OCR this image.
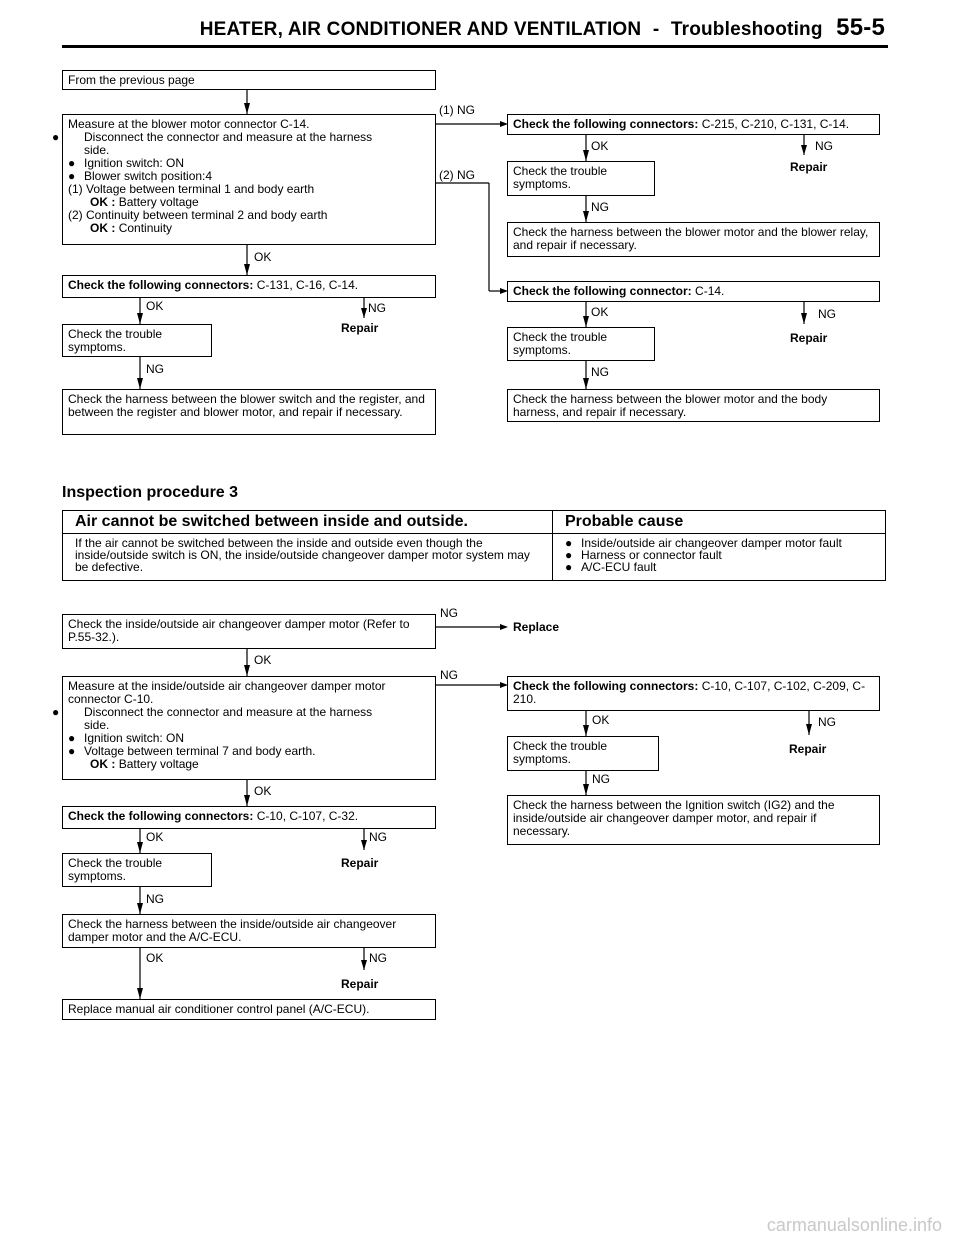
HEATER, AIR CONDITIONER AND VENTILATION - Troubleshooting 55-5
From the previous page
Measure at the blower motor connector C-14.
● Disconnect the connector and measure at the harness
side.
● Ignition switch: ON
● Blower switch position:4
(1) Voltage between terminal 1 and body earth
OK : Battery voltage
(2) Continuity between terminal 2 and body earth
OK : Continuity
(1) NG
(2) NG
Check the following connectors: C-215, C-210, C-131, C-14.
OK	NG
Repair
Check the trouble
symptoms.
NG
Check the harness between the blower motor and the blower relay, and repair if necessary.
Check the following connector: C-14.
OK	NG
Repair
Check the trouble
symptoms.
NG
Check the harness between the blower motor and the body harness, and repair if necessary.
OK
Check the following connectors: C-131, C-16, C-14.
OK	NG
Repair
Check the trouble
symptoms.
NG
Check the harness between the blower switch and the register, and between the register and blower motor, and repair if necessary.
Inspection procedure 3
Air cannot be switched between inside and outside.	Probable cause
If the air cannot be switched between the inside and outside even though the inside/outside switch is ON, the inside/outside changeover damper motor system may be defective.	● Inside/outside air changeover damper motor fault
● Harness or connector fault
● A/C-ECU fault
Check the inside/outside air changeover damper motor (Refer to P.55-32.).
NG
Replace
OK
Measure at the inside/outside air changeover damper motor connector C-10.
● Disconnect the connector and measure at the harness
side.
● Ignition switch: ON
● Voltage between terminal 7 and body earth.
OK : Battery voltage
NG
Check the following connectors: C-10, C-107, C-102, C-209, C-210.
OK	NG
Repair
Check the trouble
symptoms.
NG
Check the harness between the Ignition switch (IG2) and the inside/outside air changeover damper motor, and repair if necessary.
OK
Check the following connectors: C-10, C-107, C-32.
OK	NG
Repair
Check the trouble
symptoms.
NG
Check the harness between the inside/outside air changeover damper motor and the A/C-ECU.
OK	NG
Repair
Replace manual air conditioner control panel (A/C-ECU).
carmanualsonline.info
